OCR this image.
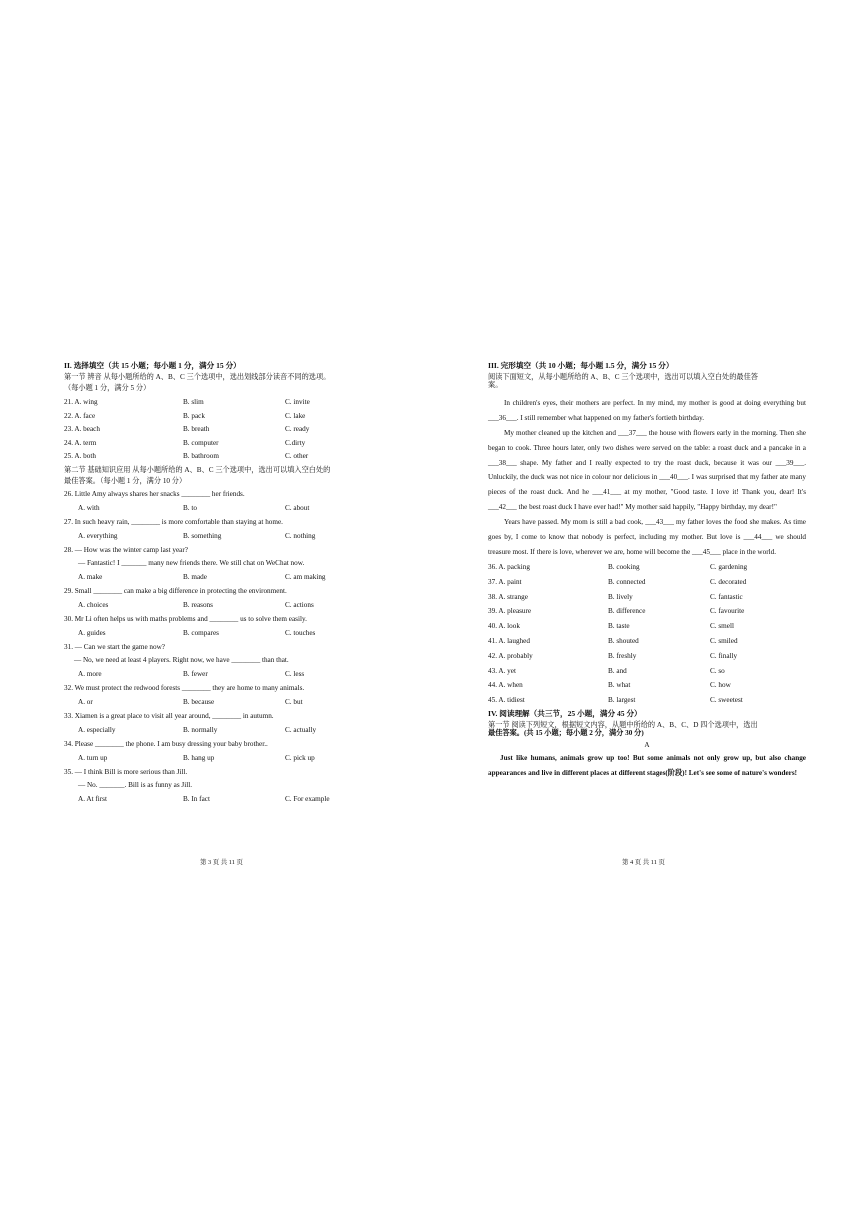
II. 选择填空（共 15 小题；每小题 1 分，满分 15 分）
第一节 辨音 从每小题所给的 A、B、C 三个选项中，选出划线部分读音不同的选项。
（每小题 1 分，满分 5 分）
21. A. wing	B. slim	C. invite
22. A. face	B. pack	C. lake
23. A. beach	B. breath	C. ready
24. A. term	B. computer	C.dirty
25. A. both	B. bathroom	C. other
第二节 基础知识应用 从每小题所给的 A、B、C 三个选项中，选出可以填入空白处的
最佳答案。（每小题 1 分，满分 10 分）
26. Little Amy always shares her snacks ________ her friends.
A. with	B. to	C. about
27. In such heavy rain, ________ is more comfortable than staying at home.
A. everything	B. something	C. nothing
28. — How was the winter camp last year?
— Fantastic! I _______ many new friends there. We still chat on WeChat now.
A. make	B. made	C. am making
29. Small ________ can make a big difference in protecting the environment.
A. choices	B. reasons	C. actions
30. Mr Li often helps us with maths problems and ________ us to solve them easily.
A. guides	B. compares	C. touches
31. — Can we start the game now?
— No, we need at least 4 players. Right now, we have ________ than that.
A. more	B. fewer	C. less
32. We must protect the redwood forests ________ they are home to many animals.
A. or	B. because	C. but
33. Xiamen is a great place to visit all year around, ________ in autumn.
A. especially	B. normally	C. actually
34. Please ________ the phone. I am busy dressing your baby brother..
A. turn up	B. hang up	C. pick up
35. — I think Bill is more serious than Jill.
— No. _______. Bill is as funny as Jill.
A. At first	B. In fact	C. For example
第 3 页 共 11 页
III. 完形填空（共 10 小题；每小题 1.5 分，满分 15 分）
阅读下面短文，从每小题所给的 A、B、C 三个选项中，选出可以填入空白处的最佳答
案。

In children's eyes, their mothers are perfect. In my mind, my mother is good at doing everything but ___36___. I still remember what happened on my father's fortieth birthday.

My mother cleaned up the kitchen and ___37___ the house with flowers early in the morning. Then she began to cook. Three hours later, only two dishes were served on the table: a roast duck and a pancake in a ___38___ shape. My father and I really expected to try the roast duck, because it was our ___39___. Unluckily, the duck was not nice in colour nor delicious in ___40___. I was surprised that my father ate many pieces of the roast duck. And he ___41___ at my mother, "Good taste. I love it! Thank you, dear! It's ___42___ the best roast duck I have ever had!" My mother said happily, "Happy birthday, my dear!"

Years have passed. My mom is still a bad cook, ___43___ my father loves the food she makes. As time goes by, I come to know that nobody is perfect, including my mother. But love is ___44___ we should treasure most. If there is love, wherever we are, home will become the ___45___ place in the world.

36. A. packing	B. cooking	C. gardening
37. A. paint	B. connected	C. decorated
38. A. strange	B. lively	C. fantastic
39. A. pleasure	B. difference	C. favourite
40. A. look	B. taste	C. smell
41. A. laughed	B. shouted	C. smiled
42. A. probably	B. freshly	C. finally
43. A. yet	B. and	C. so
44. A. when	B. what	C. how
45. A. tidiest	B. largest	C. sweetest
IV. 阅读理解（共三节，25 小题，满分 45 分）
第一节 阅读下列短文，根据短文内容，从题中所给的 A、B、C、D 四个选项中，选出
最佳答案。(共 15 小题；每小题 2 分，满分 30 分)
A

Just like humans, animals grow up too! But some animals not only grow up, but also change appearances and live in different places at different stages(阶段)! Let's see some of nature's wonders!

第 4 页 共 11 页
